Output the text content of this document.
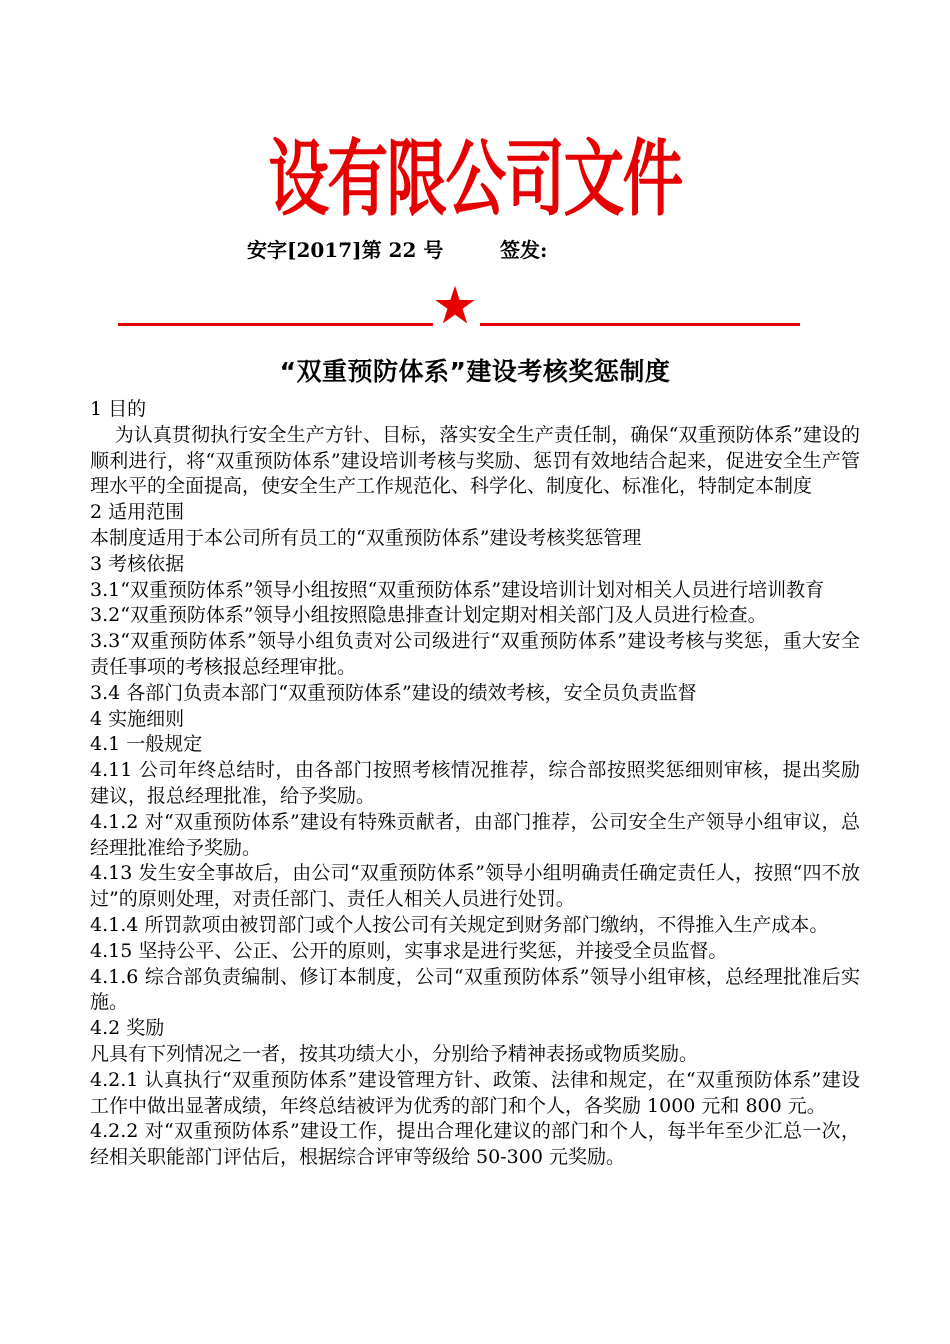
设有限公司文件
安字[2017]第 22 号	签发:
“双重预防体系”建设考核奖惩制度

1 目的

为认真贯彻执行安全生产方针、目标，落实安全生产责任制，确保“双重预防体系”建设的顺利进行，将“双重预防体系”建设培训考核与奖励、惩罚有效地结合起来，促进安全生产管理水平的全面提高，使安全生产工作规范化、科学化、制度化、标准化，特制定本制度

2 适用范围

本制度适用于本公司所有员工的“双重预防体系”建设考核奖惩管理

3 考核依据

3.1“双重预防体系”领导小组按照“双重预防体系”建设培训计划对相关人员进行培训教育

3.2“双重预防体系”领导小组按照隐患排查计划定期对相关部门及人员进行检查。

3.3“双重预防体系”领导小组负责对公司级进行“双重预防体系”建设考核与奖惩，重大安全责任事项的考核报总经理审批。

3.4 各部门负责本部门“双重预防体系”建设的绩效考核，安全员负责监督

4 实施细则

4.1 一般规定

4.11 公司年终总结时，由各部门按照考核情况推荐，综合部按照奖惩细则审核，提出奖励建议，报总经理批准，给予奖励。

4.1.2 对“双重预防体系”建设有特殊贡献者，由部门推荐，公司安全生产领导小组审议，总经理批准给予奖励。

4.13 发生安全事故后，由公司“双重预防体系”领导小组明确责任确定责任人，按照“四不放过”的原则处理，对责任部门、责任人相关人员进行处罚。

4.1.4 所罚款项由被罚部门或个人按公司有关规定到财务部门缴纳，不得推入生产成本。

4.15 坚持公平、公正、公开的原则，实事求是进行奖惩，并接受全员监督。

4.1.6 综合部负责编制、修订本制度，公司“双重预防体系”领导小组审核，总经理批准后实施。

4.2 奖励

凡具有下列情况之一者，按其功绩大小，分别给予精神表扬或物质奖励。

4.2.1 认真执行“双重预防体系”建设管理方针、政策、法律和规定，在“双重预防体系”建设工作中做出显著成绩，年终总结被评为优秀的部门和个人，各奖励 1000 元和 800 元。

4.2.2 对“双重预防体系”建设工作，提出合理化建议的部门和个人，每半年至少汇总一次，经相关职能部门评估后，根据综合评审等级给 50-300 元奖励。
